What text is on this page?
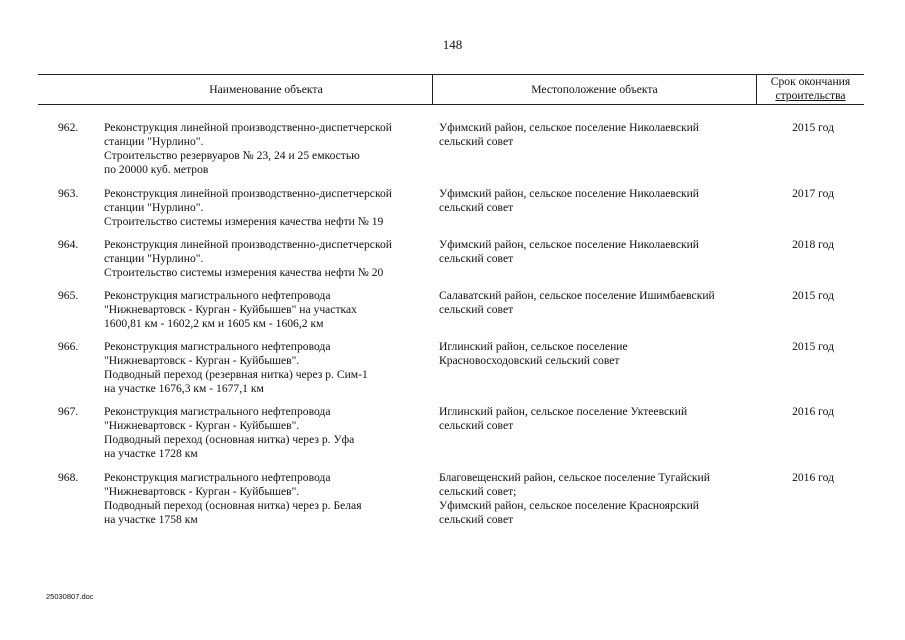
148
Наименование объекта	Местоположение объекта
Срок окончания
строительства
962. Реконструкция линейной производственно-диспетчерской
станции "Нурлино".
Строительство резервуаров № 23, 24 и 25 емкостью
по 20000 куб. метров
Уфимский район, сельское поселение Николаевский
сельский совет
2015 год
963. Реконструкция линейной производственно-диспетчерской
станции "Нурлино".
Строительство системы измерения качества нефти № 19
Уфимский район, сельское поселение Николаевский
сельский совет
2017 год
964. Реконструкция линейной производственно-диспетчерской
станции "Нурлино".
Строительство системы измерения качества нефти № 20
Уфимский район, сельское поселение Николаевский
сельский совет
2018 год
965. Реконструкция магистрального нефтепровода
"Нижневартовск - Курган - Куйбышев" на участках
1600,81 км - 1602,2 км и 1605 км - 1606,2 км
Салаватский район, сельское поселение Ишимбаевский
сельский совет
2015 год
966. Реконструкция магистрального нефтепровода
"Нижневартовск - Курган - Куйбышев".
Подводный переход (резервная нитка) через р. Сим-1
на участке 1676,3 км - 1677,1 км
Иглинский район, сельское поселение
Красновосходовский сельский совет
2015 год
967. Реконструкция магистрального нефтепровода
"Нижневартовск - Курган - Куйбышев".
Подводный переход (основная нитка) через р. Уфа
на участке 1728 км
Иглинский район, сельское поселение Уктеевский
сельский совет
2016 год
968. Реконструкция магистрального нефтепровода
"Нижневартовск - Курган - Куйбышев".
Подводный переход (основная нитка) через р. Белая
на участке 1758 км
Благовещенский район, сельское поселение Тугайский
сельский совет;
Уфимский район, сельское поселение Красноярский
сельский совет
2016 год
25030807.doc
